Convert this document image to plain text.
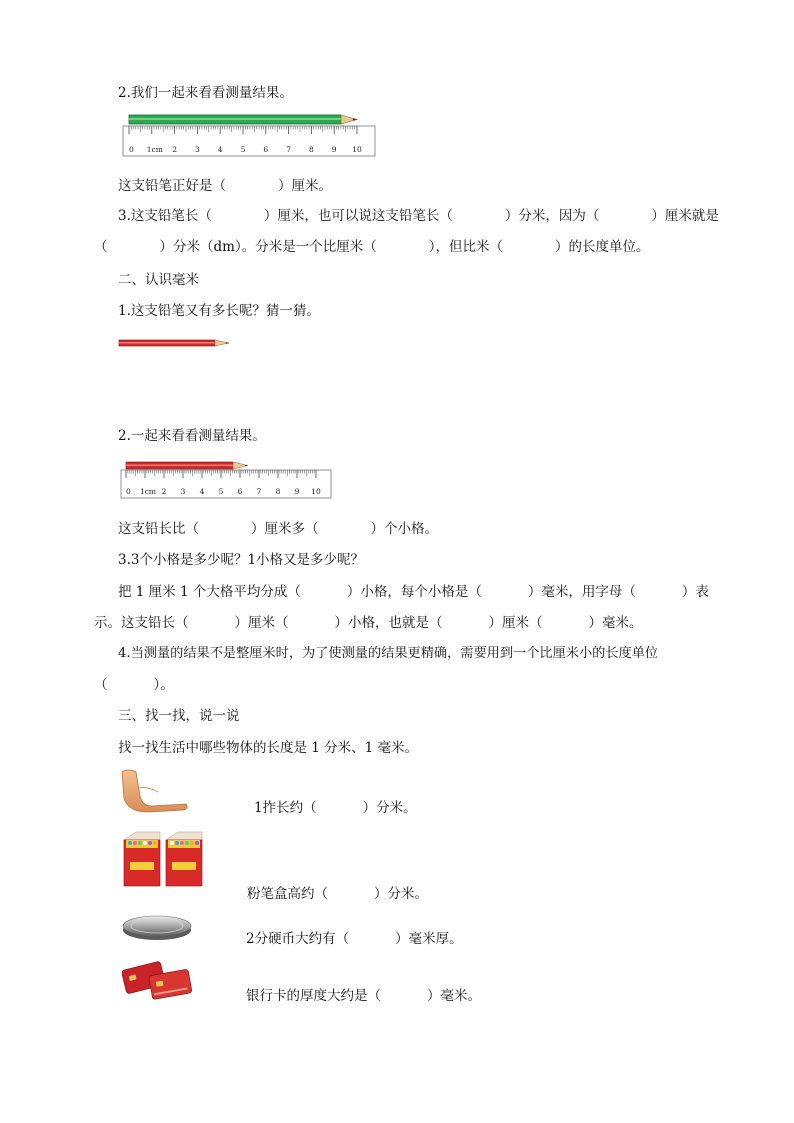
2.我们一起来看看测量结果。
0 1cm 2 3 4 5 6 7 8 9 10
这支铅笔正好是（	）厘米。
3.这支铅笔长（	）厘米，也可以说这支铅笔长（	）分米，因为（	）厘米就是
（	）分米（dm）。分米是一个比厘米（	），但比米（	）的长度单位。
二、认识毫米
1.这支铅笔又有多长呢？猜一猜。
2.一起来看看测量结果。
0 1cm 2 3 4 5 6 7 8 9 10
这支铅长比（	）厘米多（	）个小格。
3.3个小格是多少呢？1小格又是多少呢？
把 1 厘米 1 个大格平均分成（	）小格，每个小格是（	）毫米，用字母（	）表
示。这支铅长（	）厘米（	）小格，也就是（	）厘米（	）毫米。
4.当测量的结果不是整厘米时，为了使测量的结果更精确，需要用到一个比厘米小的长度单位
（	）。
三、找一找，说一说
找一找生活中哪些物体的长度是 1 分米、1 毫米。
1拃长约（	）分米。
粉笔盒高约（	）分米。
2分硬币大约有（	）毫米厚。
银行卡的厚度大约是（	）毫米。
